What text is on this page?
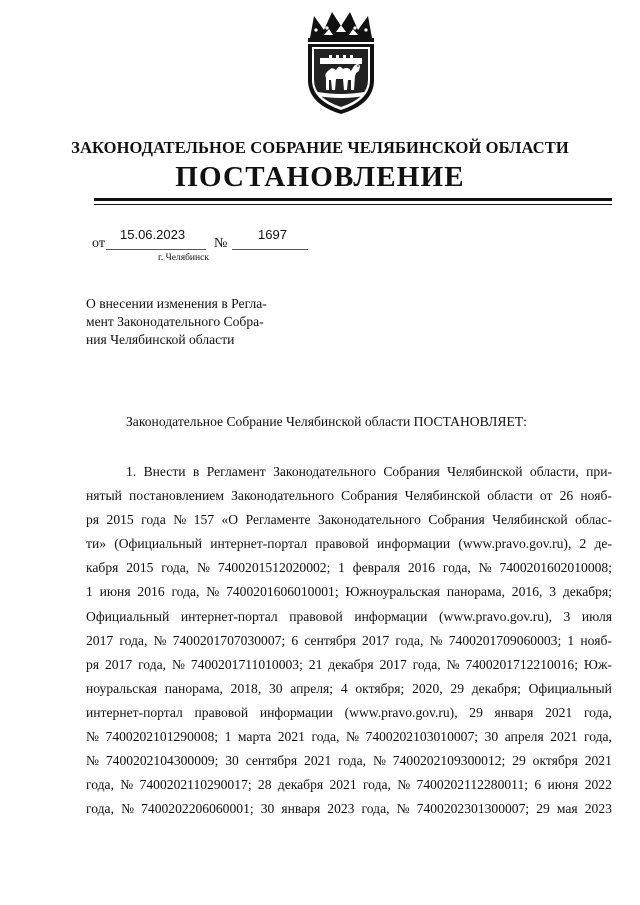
ЗАКОНОДАТЕЛЬНОЕ СОБРАНИЕ ЧЕЛЯБИНСКОЙ ОБЛАСТИ
ПОСТАНОВЛЕНИЕ
от
15.06.2023
№
1697
г. Челябинск
О внесении изменения в Регла-
мент Законодательного Собра-
ния Челябинской области
Законодательное Собрание Челябинской области ПОСТАНОВЛЯЕТ:
1. Внести в Регламент Законодательного Собрания Челябинской области, при-
нятый постановлением Законодательного Собрания Челябинской области от 26 нояб-
ря 2015 года № 157 «О Регламенте Законодательного Собрания Челябинской облас-
ти» (Официальный интернет-портал правовой информации (www.pravo.gov.ru), 2 де-
кабря 2015 года, № 7400201512020002; 1 февраля 2016 года, № 7400201602010008;
1 июня 2016 года, № 7400201606010001; Южноуральская панорама, 2016, 3 декабря;
Официальный интернет-портал правовой информации (www.pravo.gov.ru), 3 июля
2017 года, № 7400201707030007; 6 сентября 2017 года, № 7400201709060003; 1 нояб-
ря 2017 года, № 7400201711010003; 21 декабря 2017 года, № 7400201712210016; Юж-
ноуральская панорама, 2018, 30 апреля; 4 октября; 2020, 29 декабря; Официальный
интернет-портал правовой информации (www.pravo.gov.ru), 29 января 2021 года,
№ 7400202101290008; 1 марта 2021 года, № 7400202103010007; 30 апреля 2021 года,
№ 7400202104300009; 30 сентября 2021 года, № 7400202109300012; 29 октября 2021
года, № 7400202110290017; 28 декабря 2021 года, № 7400202112280011; 6 июня 2022
года, № 7400202206060001; 30 января 2023 года, № 7400202301300007; 29 мая 2023
